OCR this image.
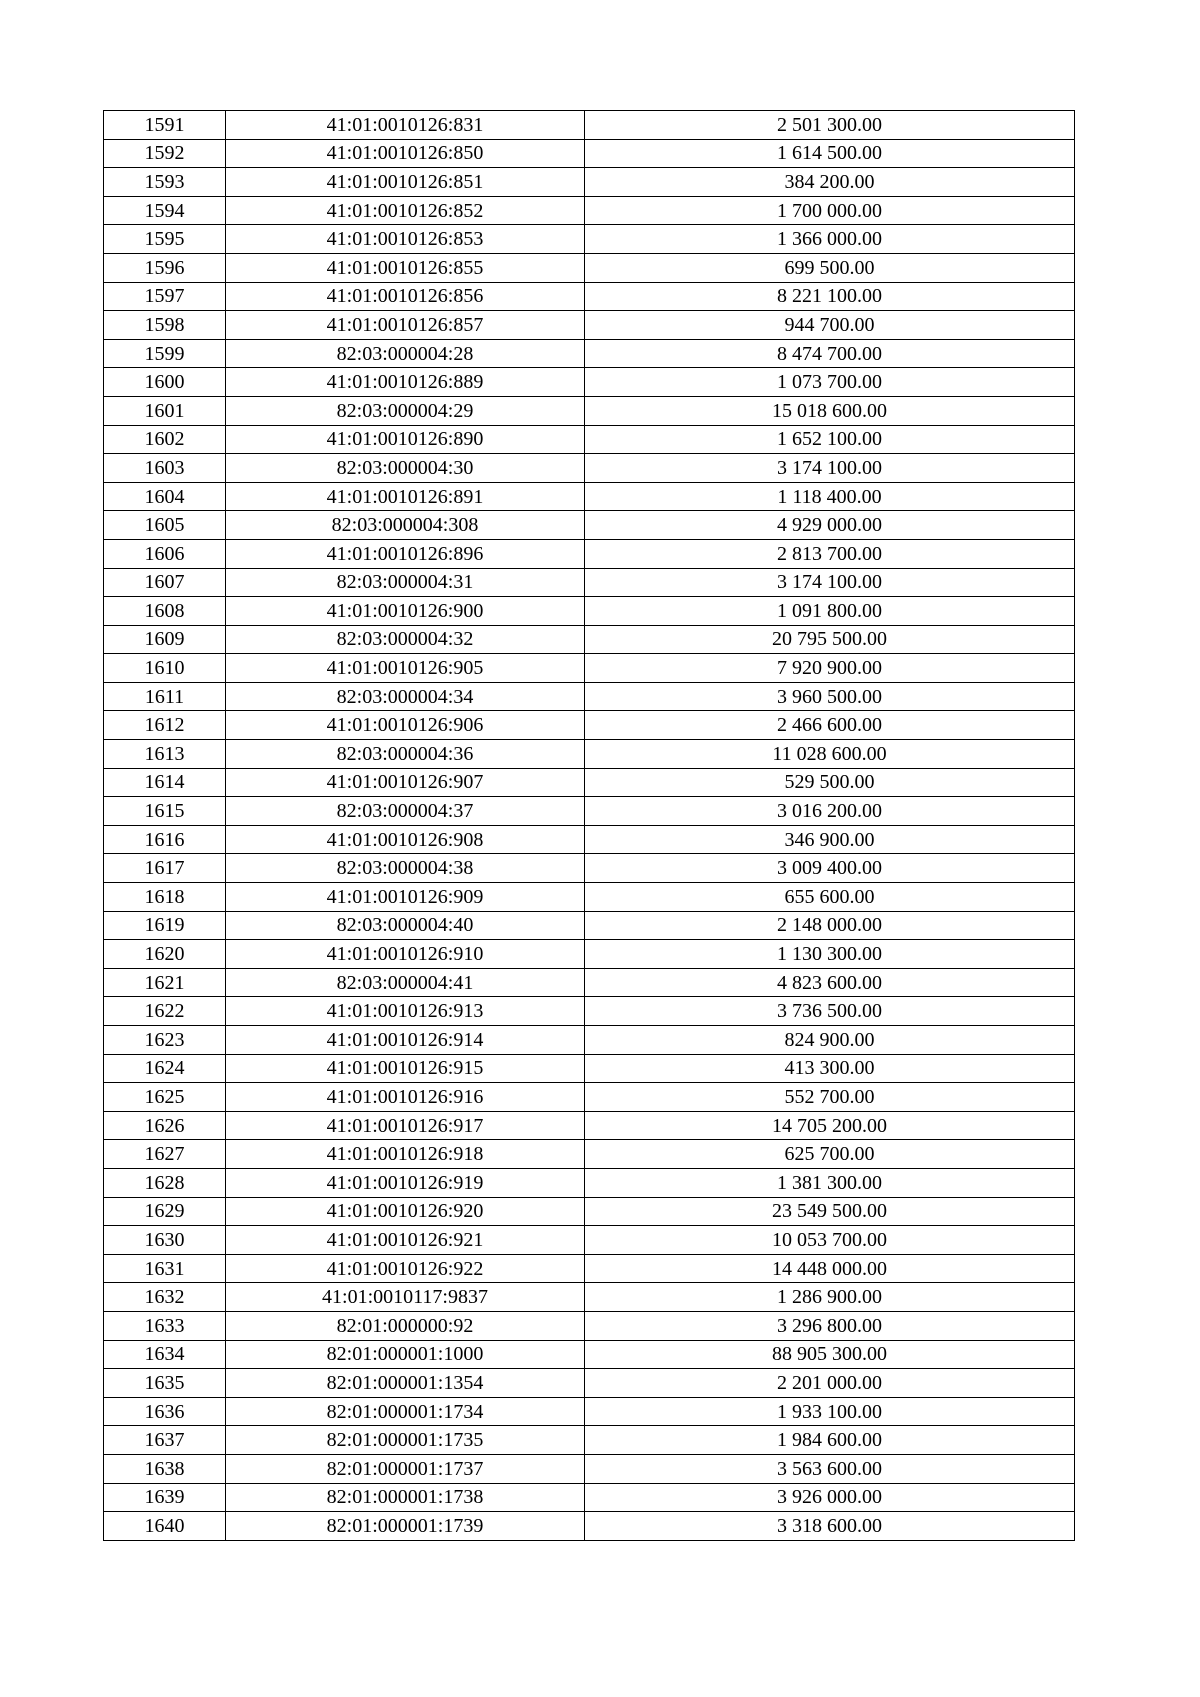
1591	41:01:0010126:831	2 501 300.00
1592	41:01:0010126:850	1 614 500.00
1593	41:01:0010126:851	384 200.00
1594	41:01:0010126:852	1 700 000.00
1595	41:01:0010126:853	1 366 000.00
1596	41:01:0010126:855	699 500.00
1597	41:01:0010126:856	8 221 100.00
1598	41:01:0010126:857	944 700.00
1599	82:03:000004:28	8 474 700.00
1600	41:01:0010126:889	1 073 700.00
1601	82:03:000004:29	15 018 600.00
1602	41:01:0010126:890	1 652 100.00
1603	82:03:000004:30	3 174 100.00
1604	41:01:0010126:891	1 118 400.00
1605	82:03:000004:308	4 929 000.00
1606	41:01:0010126:896	2 813 700.00
1607	82:03:000004:31	3 174 100.00
1608	41:01:0010126:900	1 091 800.00
1609	82:03:000004:32	20 795 500.00
1610	41:01:0010126:905	7 920 900.00
1611	82:03:000004:34	3 960 500.00
1612	41:01:0010126:906	2 466 600.00
1613	82:03:000004:36	11 028 600.00
1614	41:01:0010126:907	529 500.00
1615	82:03:000004:37	3 016 200.00
1616	41:01:0010126:908	346 900.00
1617	82:03:000004:38	3 009 400.00
1618	41:01:0010126:909	655 600.00
1619	82:03:000004:40	2 148 000.00
1620	41:01:0010126:910	1 130 300.00
1621	82:03:000004:41	4 823 600.00
1622	41:01:0010126:913	3 736 500.00
1623	41:01:0010126:914	824 900.00
1624	41:01:0010126:915	413 300.00
1625	41:01:0010126:916	552 700.00
1626	41:01:0010126:917	14 705 200.00
1627	41:01:0010126:918	625 700.00
1628	41:01:0010126:919	1 381 300.00
1629	41:01:0010126:920	23 549 500.00
1630	41:01:0010126:921	10 053 700.00
1631	41:01:0010126:922	14 448 000.00
1632	41:01:0010117:9837	1 286 900.00
1633	82:01:000000:92	3 296 800.00
1634	82:01:000001:1000	88 905 300.00
1635	82:01:000001:1354	2 201 000.00
1636	82:01:000001:1734	1 933 100.00
1637	82:01:000001:1735	1 984 600.00
1638	82:01:000001:1737	3 563 600.00
1639	82:01:000001:1738	3 926 000.00
1640	82:01:000001:1739	3 318 600.00
